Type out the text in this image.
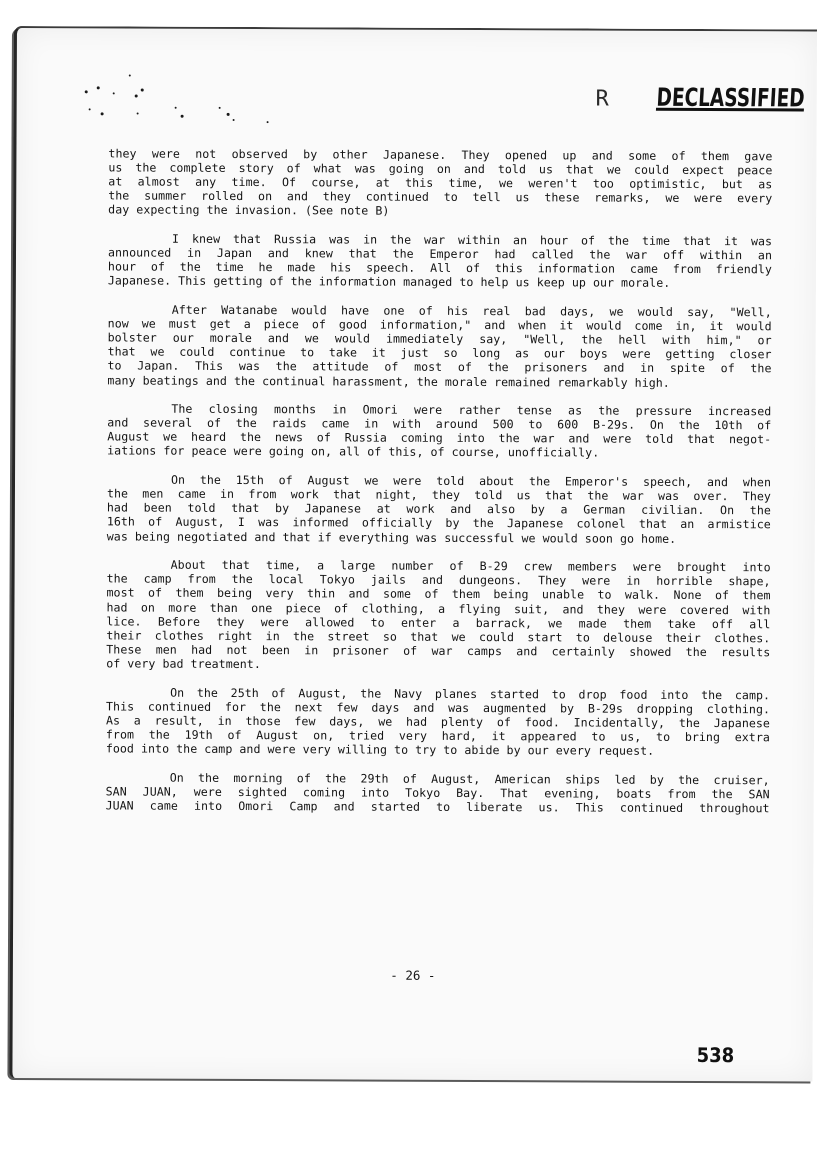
R DECLASSIFIED
they were not observed by other Japanese. They opened up and some of them gave
us the complete story of what was going on and told us that we could expect peace
at almost any time. Of course, at this time, we weren't too optimistic, but as
the summer rolled on and they continued to tell us these remarks, we were every
day expecting the invasion. (See note B)
I knew that Russia was in the war within an hour of the time that it was
announced in Japan and knew that the Emperor had called the war off within an
hour of the time he made his speech. All of this information came from friendly
Japanese. This getting of the information managed to help us keep up our morale.
After Watanabe would have one of his real bad days, we would say, "Well,
now we must get a piece of good information," and when it would come in, it would
bolster our morale and we would immediately say, "Well, the hell with him," or
that we could continue to take it just so long as our boys were getting closer
to Japan. This was the attitude of most of the prisoners and in spite of the
many beatings and the continual harassment, the morale remained remarkably high.
The closing months in Omori were rather tense as the pressure increased
and several of the raids came in with around 500 to 600 B-29s. On the 10th of
August we heard the news of Russia coming into the war and were told that negot-
iations for peace were going on, all of this, of course, unofficially.
On the 15th of August we were told about the Emperor's speech, and when
the men came in from work that night, they told us that the war was over. They
had been told that by Japanese at work and also by a German civilian. On the
16th of August, I was informed officially by the Japanese colonel that an armistice
was being negotiated and that if everything was successful we would soon go home.
About that time, a large number of B-29 crew members were brought into
the camp from the local Tokyo jails and dungeons. They were in horrible shape,
most of them being very thin and some of them being unable to walk. None of them
had on more than one piece of clothing, a flying suit, and they were covered with
lice. Before they were allowed to enter a barrack, we made them take off all
their clothes right in the street so that we could start to delouse their clothes.
These men had not been in prisoner of war camps and certainly showed the results
of very bad treatment.
On the 25th of August, the Navy planes started to drop food into the camp.
This continued for the next few days and was augmented by B-29s dropping clothing.
As a result, in those few days, we had plenty of food. Incidentally, the Japanese
from the 19th of August on, tried very hard, it appeared to us, to bring extra
food into the camp and were very willing to try to abide by our every request.
On the morning of the 29th of August, American ships led by the cruiser,
SAN JUAN, were sighted coming into Tokyo Bay. That evening, boats from the SAN
JUAN came into Omori Camp and started to liberate us. This continued throughout
- 26 -
538
